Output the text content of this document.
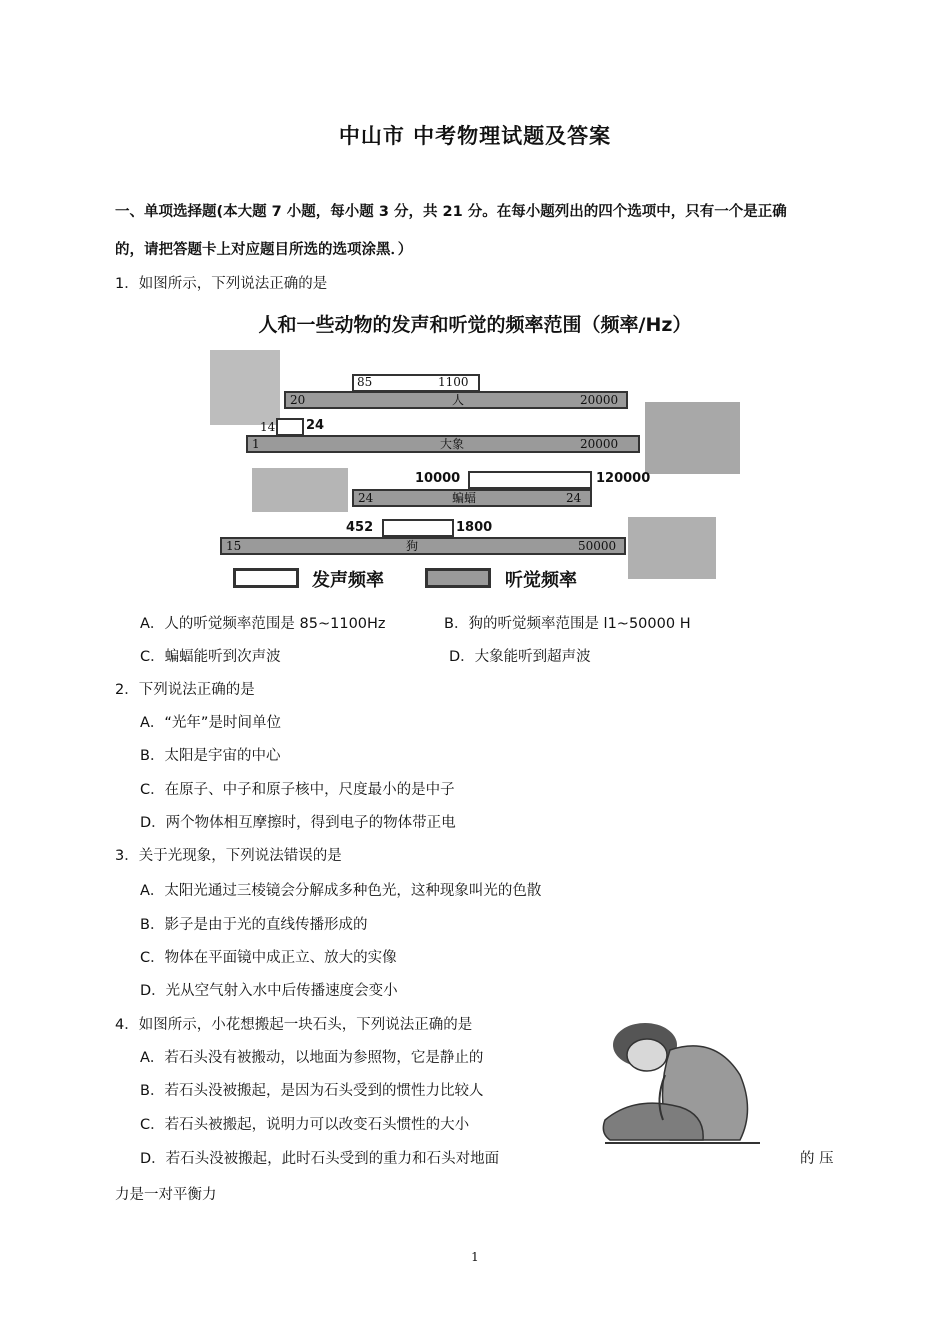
中山市 中考物理试题及答案
一、单项选择题(本大题 7 小题，每小题 3 分，共 21 分。在每小题列出的四个选项中，只有一个是正确
的，请把答题卡上对应题目所选的选项涂黑．）
1．如图所示，下列说法正确的是
人和一些动物的发声和听觉的频率范围（频率/Hz）
85	1100
20	人	20000
14 24
1	大象	20000
10000	120000
24	蝙蝠	24
452	1800
15	狗	50000
发声频率	听觉频率
A．人的听觉频率范围是 85~1100Hz	B．狗的听觉频率范围是 l1~50000 H
C．蝙蝠能听到次声波	D．大象能听到超声波
2．下列说法正确的是
A．“光年”是时间单位
B．太阳是宇宙的中心
C．在原子、中子和原子核中，尺度最小的是中子
D．两个物体相互摩擦时，得到电子的物体带正电
3．关于光现象，下列说法错误的是
A．太阳光通过三棱镜会分解成多种色光，这种现象叫光的色散
B．影子是由于光的直线传播形成的
C．物体在平面镜中成正立、放大的实像
D．光从空气射入水中后传播速度会变小
4．如图所示，小花想搬起一块石头，下列说法正确的是
A．若石头没有被搬动，以地面为参照物，它是静止的
B．若石头没被搬起，是因为石头受到的惯性力比较人
C．若石头被搬起，说明力可以改变石头惯性的大小
D．若石头没被搬起，此时石头受到的重力和石头对地面	的 压
力是一对平衡力
1
